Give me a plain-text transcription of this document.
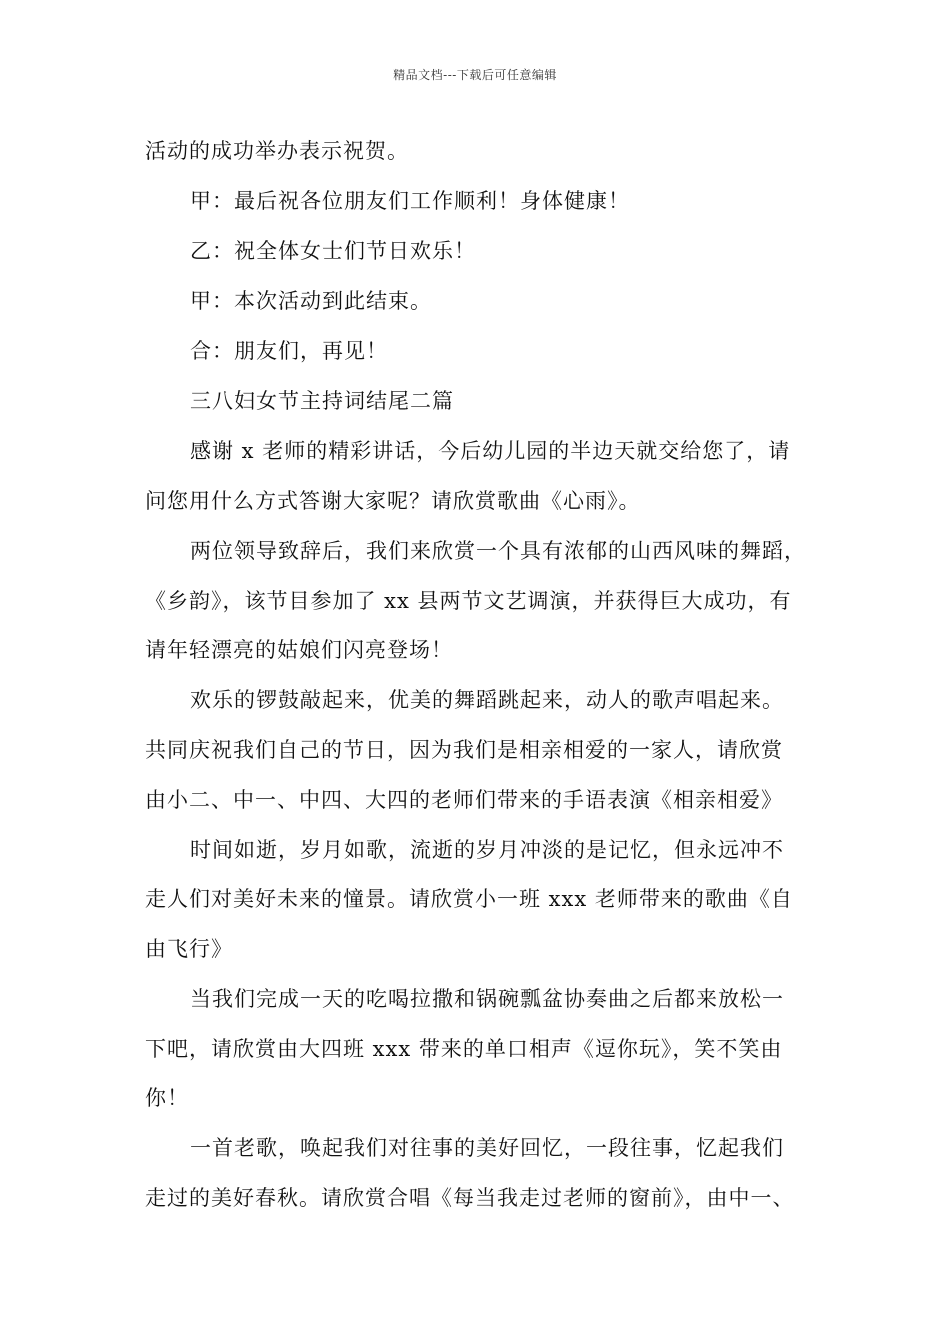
精品文档---下载后可任意编辑
活动的成功举办表示祝贺。
甲：最后祝各位朋友们工作顺利！身体健康！
乙：祝全体女士们节日欢乐！
甲：本次活动到此结束。
合：朋友们，再见！
三八妇女节主持词结尾二篇
感谢 x 老师的精彩讲话，今后幼儿园的半边天就交给您了，请
问您用什么方式答谢大家呢？请欣赏歌曲《心雨》。
两位领导致辞后，我们来欣赏一个具有浓郁的山西风味的舞蹈，
《乡韵》，该节目参加了 xx 县两节文艺调演，并获得巨大成功，有
请年轻漂亮的姑娘们闪亮登场！
欢乐的锣鼓敲起来，优美的舞蹈跳起来，动人的歌声唱起来。
共同庆祝我们自己的节日，因为我们是相亲相爱的一家人，请欣赏
由小二、中一、中四、大四的老师们带来的手语表演《相亲相爱》
时间如逝，岁月如歌，流逝的岁月冲淡的是记忆，但永远冲不
走人们对美好未来的憧景。请欣赏小一班 xxx 老师带来的歌曲《自
由飞行》
当我们完成一天的吃喝拉撒和锅碗瓢盆协奏曲之后都来放松一
下吧，请欣赏由大四班 xxx 带来的单口相声《逗你玩》，笑不笑由
你！
一首老歌，唤起我们对往事的美好回忆，一段往事，忆起我们
走过的美好春秋。请欣赏合唱《每当我走过老师的窗前》，由中一、
